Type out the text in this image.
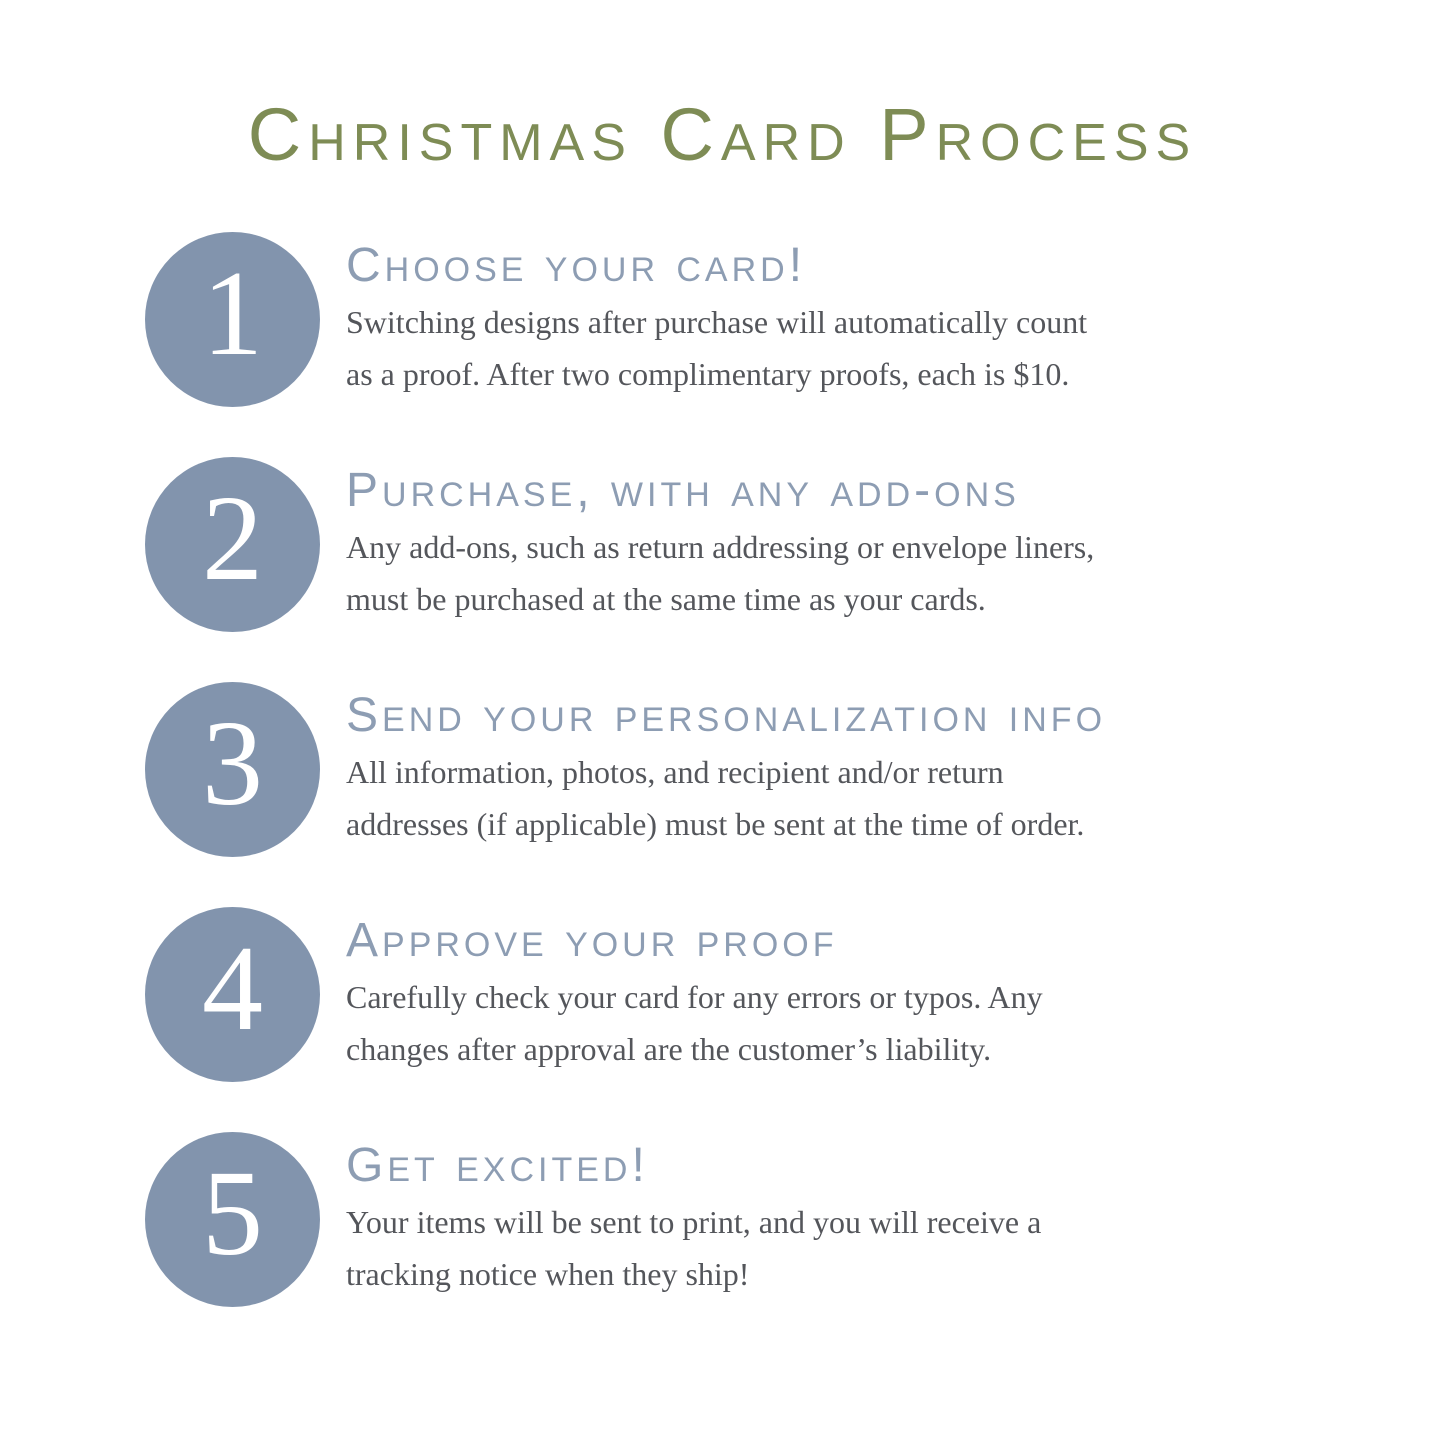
Christmas Card Process
1 Choose your card!
Switching designs after purchase will automatically count
as a proof. After two complimentary proofs, each is $10.
2 Purchase, with any add-ons
Any add-ons, such as return addressing or envelope liners,
must be purchased at the same time as your cards.
3 Send your personalization info
All information, photos, and recipient and/or return
addresses (if applicable) must be sent at the time of order.
4 Approve your proof
Carefully check your card for any errors or typos. Any
changes after approval are the customer’s liability.
5 Get excited!
Your items will be sent to print, and you will receive a
tracking notice when they ship!
